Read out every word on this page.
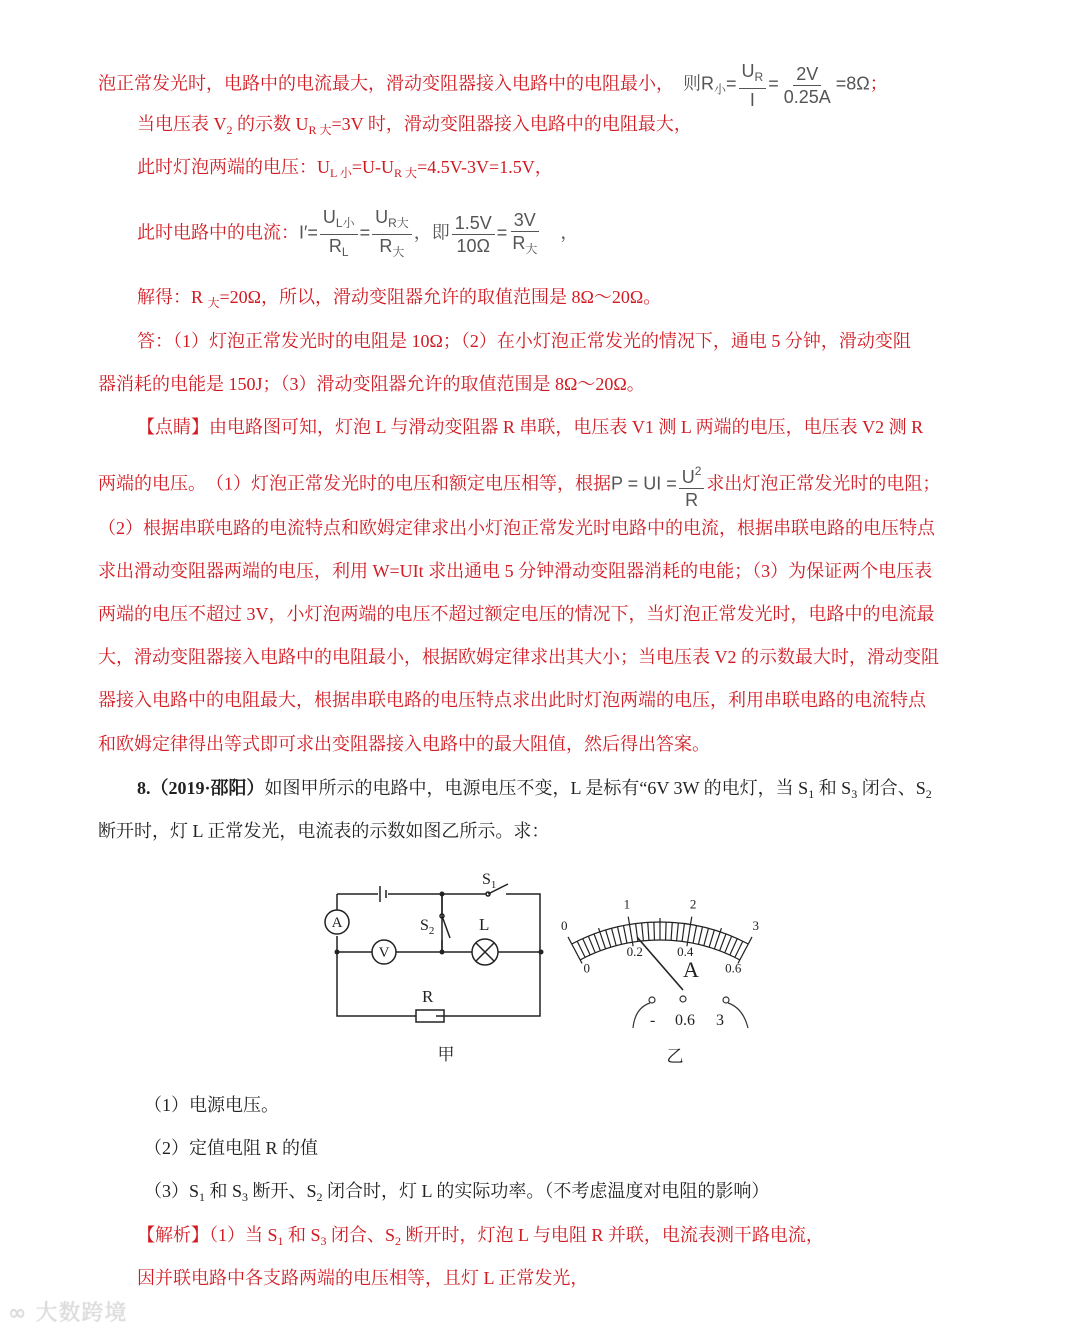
泡正常发光时，电路中的电流最大，滑动变阻器接入电路中的电阻最小，　则$R_小= \frac{U_R}{I} = \frac{2V}{0.25A} =8\Omega$；
当电压表 $V_2$ 的示数 $U_{R 大}=3V$ 时，滑动变阻器接入电路中的电阻最大，
此时灯泡两端的电压：$U_{L 小}=U-U_{R 大}=4.5V-3V=1.5V$，
此时电路中的电流：$I'= \frac{U_{L小}}{R_L} = \frac{U_{R大}}{R_大}$ ，即 $\frac{1.5V}{10\Omega} = \frac{3V}{R_大}$ 　，
解得：R $_大$=20Ω，所以，滑动变阻器允许的取值范围是 8Ω～20Ω。
答：（1）灯泡正常发光时的电阻是 10Ω；（2）在小灯泡正常发光的情况下，通电 5 分钟，滑动变阻
器消耗的电能是 150J；（3）滑动变阻器允许的取值范围是 8Ω～20Ω。
【点睛】由电路图可知，灯泡 L 与滑动变阻器 R 串联，电压表 V1 测 L 两端的电压，电压表 V2 测 R
两端的电压。　（1）灯泡正常发光时的电压和额定电压相等，根据P = UI = $\frac{U^2}{R}$ 求出灯泡正常发光时的电阻；
（2）根据串联电路的电流特点和欧姆定律求出小灯泡正常发光时电路中的电流，根据串联电路的电压特点
求出滑动变阻器两端的电压，利用 W=UIt 求出通电 5 分钟滑动变阻器消耗的电能；（3）为保证两个电压表
两端的电压不超过 3V，小灯泡两端的电压不超过额定电压的情况下，当灯泡正常发光时，电路中的电流最
大，滑动变阻器接入电路中的电阻最小，根据欧姆定律求出其大小；当电压表 V2 的示数最大时，滑动变阻
器接入电路中的电阻最大，根据串联电路的电压特点求出此时灯泡两端的电压，利用串联电路的电流特点
和欧姆定律得出等式即可求出变阻器接入电路中的最大阻值，然后得出答案。
8.（2019·邵阳）如图甲所示的电路中，电源电压不变，L 是标有“6V 3W 的电灯，当 $S_1$ 和 $S_3$ 闭合、$S_2$
断开时，灯 L 正常发光，电流表的示数如图乙所示。求：
（1）电源电压。
（2）定值电阻 R 的值
$(3)S_1$ 和 $S_3$ 断开、$S_2$ 闭合时，灯 L 的实际功率。（不考虑温度对电阻的影响）
【解析】（1）当 $S_1$ 和 $S_3$ 闭合、$S_2$ 断开时，灯泡 L 与电阻 R 并联，电流表测干路电流，
因并联电路中各支路两端的电压相等，且灯 L 正常发光，
A
V
$S_1$
$S_2$	L
R
甲
A
- 0.6 3
乙
0
1	2
3
0
0.2	0.4
0.6
∞ 大数跨境
